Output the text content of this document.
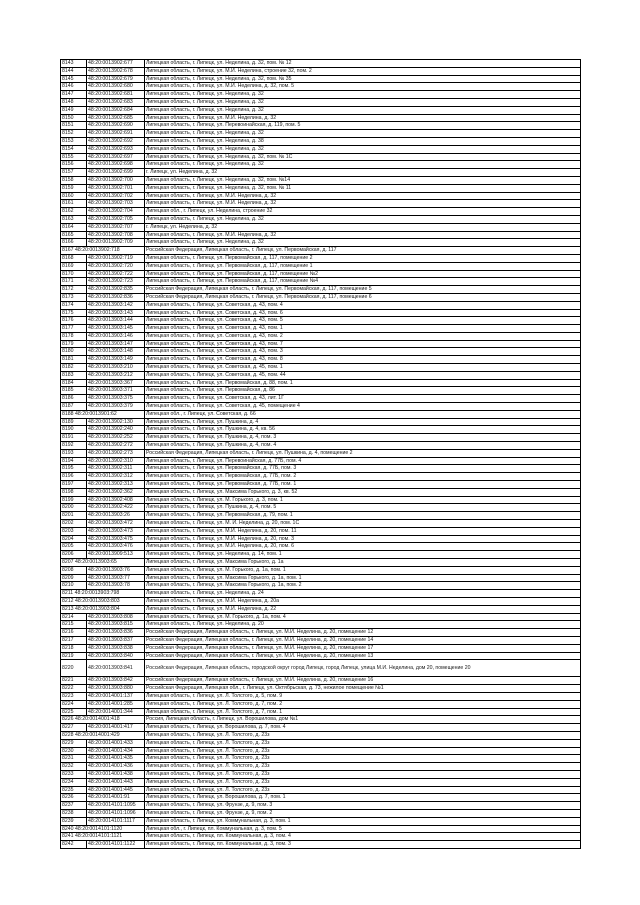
8143	48:20:0013902:677	Липецкая область, г. Липецк, ул. Неделина, д. 32, пом. № 12
8144	48:20:0013902:678	Липецкая область, г. Липецк, ул. М.И. Неделина, строение 32, пом. 2
8145	48:20:0013902:679	Липецкая область, г. Липецк, ул. Неделина, д. 32, пом. № 35
8146	48:20:0013902:680	Липецкая область, г. Липецк, ул. М.И. Неделина, д. 32, пом. 5
8147	48:20:0013902:681	Липецкая область, г. Липецк, ул. Неделина, д. 32
8148	48:20:0013902:683	Липецкая область, г. Липецк, ул. Неделина, д. 32
8149	48:20:0013902:684	Липецкая область, г. Липецк, ул. Неделина, д. 32
8150	48:20:0013902:685	Липецкая область, г. Липецк, ул. М.И. Неделина, д. 32
8151	48:20:0013902:690	Липецкая область, г. Липецк, ул. Перевоинайская, д. 119, пом. 5
8152	48:20:0013902:691	Липецкая область, г. Липецк, ул. Неделина, д. 32
8153	48:20:0013902:692	Липецкая область, г. Липецк, ул. Неделина, д. 38
8154	48:20:0013902:693	Липецкая область, г. Липецк, ул. Неделина, д. 32
8155	48:20:0013902:697	Липецкая область, г. Липецк, ул. Неделина, д. 32, пом. № 1С
8156	48:20:0013902:698	Липецкая область, г. Липецк, ул. Неделина, д. 32
8157	48:20:0013902:699	г. Липецк, ул. Неделина, д. 32
8158	48:20:0013902:700	Липецкая область, г. Липецк, ул. Неделина, д. 32, пом. №14
8159	48:20:0013902:701	Липецкая область, г. Липецк, ул. Неделина, д. 32, пом. № 11
8160	48:20:0013902:702	Липецкая область, г. Липецк, ул. М.И. Неделина, д. 32
8161	48:20:0013902:703	Липецкая область, г. Липецк, ул. М.И. Неделина, д. 32
8162	48:20:0013902:704	Липецкая обл., г. Липецк, ул. Неделина, строение 32
8163	48:20:0013902:705	Липецкая область, г. Липецк, ул. Неделина, д. 32
8164	48:20:0013902:707	г. Липецк, ул. Неделина, д. 32
8165	48:20:0013902:708	Липецкая область, г. Липецк, ул. М.И. Неделина, д. 32
8166	48:20:0013902:709	Липецкая область, г. Липецк, ул. Неделина, д. 32
8167 48:20:0013902:718		Российская Федерация, Липецкая область, г. Липецк, ул. Первомайская, д. 117
8168	48:20:0013902:719	Липецкая область, г. Липецк, ул. Первомайская, д. 117, помещение 2
8169	48:20:0013902:720	Липецкая область, г. Липецк, ул. Первомайская, д. 117, помещение 1
8170	48:20:0013902:722	Липецкая область, г. Липецк, ул. Первомайская, д. 117, помещение №2
8171	48:20:0013902:723	Липецкая область, г. Липецк, ул. Первомайская, д. 117, помещение №4
8172	48:20:0013902:835	Российская Федерация, Липецкая область, г. Липецк, ул. Первомайская, д. 117, помещение 5
8173	48:20:0013902:836	Российская Федерация, Липецкая область, г. Липецк, ул. Первомайская, д. 117, помещение 6
8174	48:20:0013903:142	Липецкая область, г. Липецк, ул. Советская, д. 43, пом. 4
8175	48:20:0013903:143	Липецкая область, г. Липецк, ул. Советская, д. 43, пом. 6
8176	48:20:0013903:144	Липецкая область, г. Липецк, ул. Советская, д. 43, пом. 5
8177	48:20:0013903:145	Липецкая область, г. Липецк, ул. Советская, д. 43, пом. 1
8178	48:20:0013903:146	Липецкая область, г. Липецк, ул. Советская, д. 43, пом. 2
8179	48:20:0013903:147	Липецкая область, г. Липецк, ул. Советская, д. 43, пом. 7
8180	48:20:0013903:148	Липецкая область, г. Липецк, ул. Советская, д. 43, пом. 3
8181	48:20:0013903:149	Липецкая область, г. Липецк, ул. Советская, д. 43, пом. 8
8182	48:20:0013903:210	Липецкая область, г. Липецк, ул. Советская, д. 45, пом. 1
8183	48:20:0013903:212	Липецкая область, г. Липецк, ул. Советская, д. 45, пом. 44
8184	48:20:0013903:367	Липецкая область, г. Липецк, ул. Первомайская, д. 88, пом. 1
8185	48:20:0013903:371	Липецкая область, г. Липецк, ул. Первомайская, д. 86
8186	48:20:0013903:375	Липецкая область, г. Липецк, ул. Советская, д. 43, лит. 1Г
8187	48:20:0013903:379	Липецкая область, г. Липецк, ул. Советская, д. 45, помещение 4
8188 48:20:0013901:62		Липецкая обл., г. Липецк, ул. Советская, д. 66
8189	48:20:0013902:130	Липецкая область, г. Липецк, ул. Пушкина, д. 4
8190	48:20:0013902:240	Липецкая область, г. Липецк, ул. Пушкина, д. 4, кв. 56
8191	48:20:0013902:252	Липецкая область, г. Липецк, ул. Пушкина, д. 4, пом. 3
8192	48:20:0013902:272	Липецкая область, г. Липецк, ул. Пушкина, д. 4, пом. 4
8193	48:20:0013902:273	Российская Федерация, Липецкая область, г. Липецк, ул. Пушкина, д. 4, помещение 2
8194	48:20:0013902:310	Липецкая область, г. Липецк, ул. Перевоинайская, д. 77Б, пом. 4
8195	48:20:0013902:311	Липецкая область, г. Липецк, ул. Первомайская, д. 77Б, пом. 3
8196	48:20:0013902:312	Липецкая область, г. Липецк, ул. Первомайская, д. 77Б, пом. 2
8197	48:20:0013902:313	Липецкая область, г. Липецк, ул. Первомайская, д. 77Б, пом. 1
8198	48:20:0013902:362	Липецкая область, г. Липецк, ул. Максима Горького, д. 3, кв. 52
8199	48:20:0013902:408	Липецкая область, г. Липецк, ул. М. Горького, д. 3, пом. 1
8200	48:20:0013902:422	Липецкая область, г. Липецк, ул. Пушкина, д. 4, пом. 5
8201	48:20:0013903:26	Липецкая область, г. Липецк, ул. Первомайская, д. 79, пом. 1
8202	48:20:0013903:472	Липецкая область, г. Липецк, ул. М. И. Неделина, д. 20, пом. 1С
8203	48:20:0013903:473	Липецкая область, г. Липецк, ул. М.И. Неделина, д. 20, пом. 11
8204	48:20:0013903:475	Липецкая область, г. Липецк, ул. М.И. Неделина, д. 20, пом. 3
8205	48:20:0013903:476	Липецкая область, г. Липецк, ул. М.И. Неделина, д. 20, пом. 6
8206	48:20:0013909:513	Липецкая область, г. Липецк, ул. Неделина, д. 14, пом. 1
8207 48:20:0013903:65		Липецкая область, г. Липецк, ул. Максима Горького, д. 1а
8208	48:20:0013903:76	Липецкая область, г. Липецк, ул. М. Горького, д. 1а, пом. 1
8209	48:20:0013903:77	Липецкая область, г. Липецк, ул. Максима Горького, д. 1а, пом. 1
8210	48:20:0013903:78	Липецкая область, г. Липецк, ул. Максима Горького, д. 1а, пом. 2
8211 48:20:0013903:798		Липецкая область, г. Липецк, ул. Неделина, д. 24
8212 48:20:0013903:803		Липецкая область, г. Липецк, ул. М.И. Неделина, д. 20а
8213 48:20:0013903:804		Липецкая область, г. Липецк, ул. М.И. Неделина, д. 22
8214	48:20:0013903:808	Липецкая область, г. Липецк, ул. М. Горького, д. 1а, пом. 4
8215	48:20:0013903:815	Липецкая область, г. Липецк, ул. Неделина, д. 20
8216	48:20:0013903:836	Российская Федерация, Липецкая область, г. Липецк, ул. М.И. Неделина, д. 20, помещение 12
8217	48:20:0013903:837	Российская Федерация, Липецкая область, г. Липецк, ул. М.И. Неделина, д. 20, помещение 14
8218	48:20:0013903:838	Российская Федерация, Липецкая область, г. Липецк, ул. М.И. Неделина, д. 20, помещение 17
8219	48:20:0013903:840	Российская Федерация, Липецкая область, г. Липецк, ул. М.И. Неделина, д. 20, помещение 13
8220	48:20:0013903:841	Российская Федерация, Липецкая область, городской округ город Липецк, город Липецк, улица М.И. Неделина, дом 20, помещение 20
8221	48:20:0013903:842	Российская Федерация, Липецкая область, г. Липецк, ул. М.И. Неделина, д. 20, помещение 16
8222	48:20:0013903:880	Российская Федерация, Липецкая обл., г. Липецк, ул. Октябрьская, д. 73, нежилое помещение №1
8223	48:20:0014001:137	Липецкая область, г. Липецк, ул. Л. Толстого, д. 5, пом. 9
8224	48:20:0014001:285	Липецкая область, г. Липецк, ул. Л. Толстого, д. 7, пом. 2
8225	48:20:0014001:344	Липецкая область, г. Липецк, ул. Л. Толстого, д. 7, пом. 1
8226 48:20:0014001:418		Россия, Липецкая область, г. Липецк, ул. Ворошилова, дом №1
8227	48:20:0014001:417	Липецкая область, г. Липецк, ул. Ворошилова, д. 7, пом. 4
8228 48:20:0014001:429		Липецкая область, г. Липецк, ул. Л. Толстого, д. 23з
8229	48:20:0014001:433	Липецкая область, г. Липецк, ул. Л. Толстого, д. 23з
8230	48:20:0014001:434	Липецкая область, г. Липецк, ул. Л. Толстого, д. 23з
8231	48:20:0014001:435	Липецкая область, г. Липецк, ул. Л. Толстого, д. 23з
8232	48:20:0014001:436	Липецкая область, г. Липецк, ул. Л. Толстого, д. 23з
8233	48:20:0014001:438	Липецкая область, г. Липецк, ул. Л. Толстого, д. 23з
8234	48:20:0014001:443	Липецкая область, г. Липецк, ул. Л. Толстого, д. 23з
8235	48:20:0014001:445	Липецкая область, г. Липецк, ул. Л. Толстого, д. 23з
8236	48:20:0014001:91	Липецкая область, г. Липецк, ул. Ворошилова, д. 7, пом. 1
8237	48:20:0014101:1095	Липецкая область, г. Липецк, ул. Фрунзе, д. 9, пом. 3
8238	48:20:0014101:1096	Липецкая область, г. Липецк, ул. Фрунзе, д. 9, пом. 2
8239	48:20:0014101:1117	Липецкая область, г. Липецк, ул. Коммунальная, д. 3, пом. 1
8240 48:20:0014101:1120		Липецкая обл., г. Липецк, пл. Коммунальная, д. 3, пом. 5
8241 48:20:0014101:1121		Липецкая область, г. Липецк, пл. Коммунальная, д. 3, пом. 4
8242	48:20:0014101:1122	Липецкая область, г. Липецк, пл. Коммунальная, д. 3, пом. 3
